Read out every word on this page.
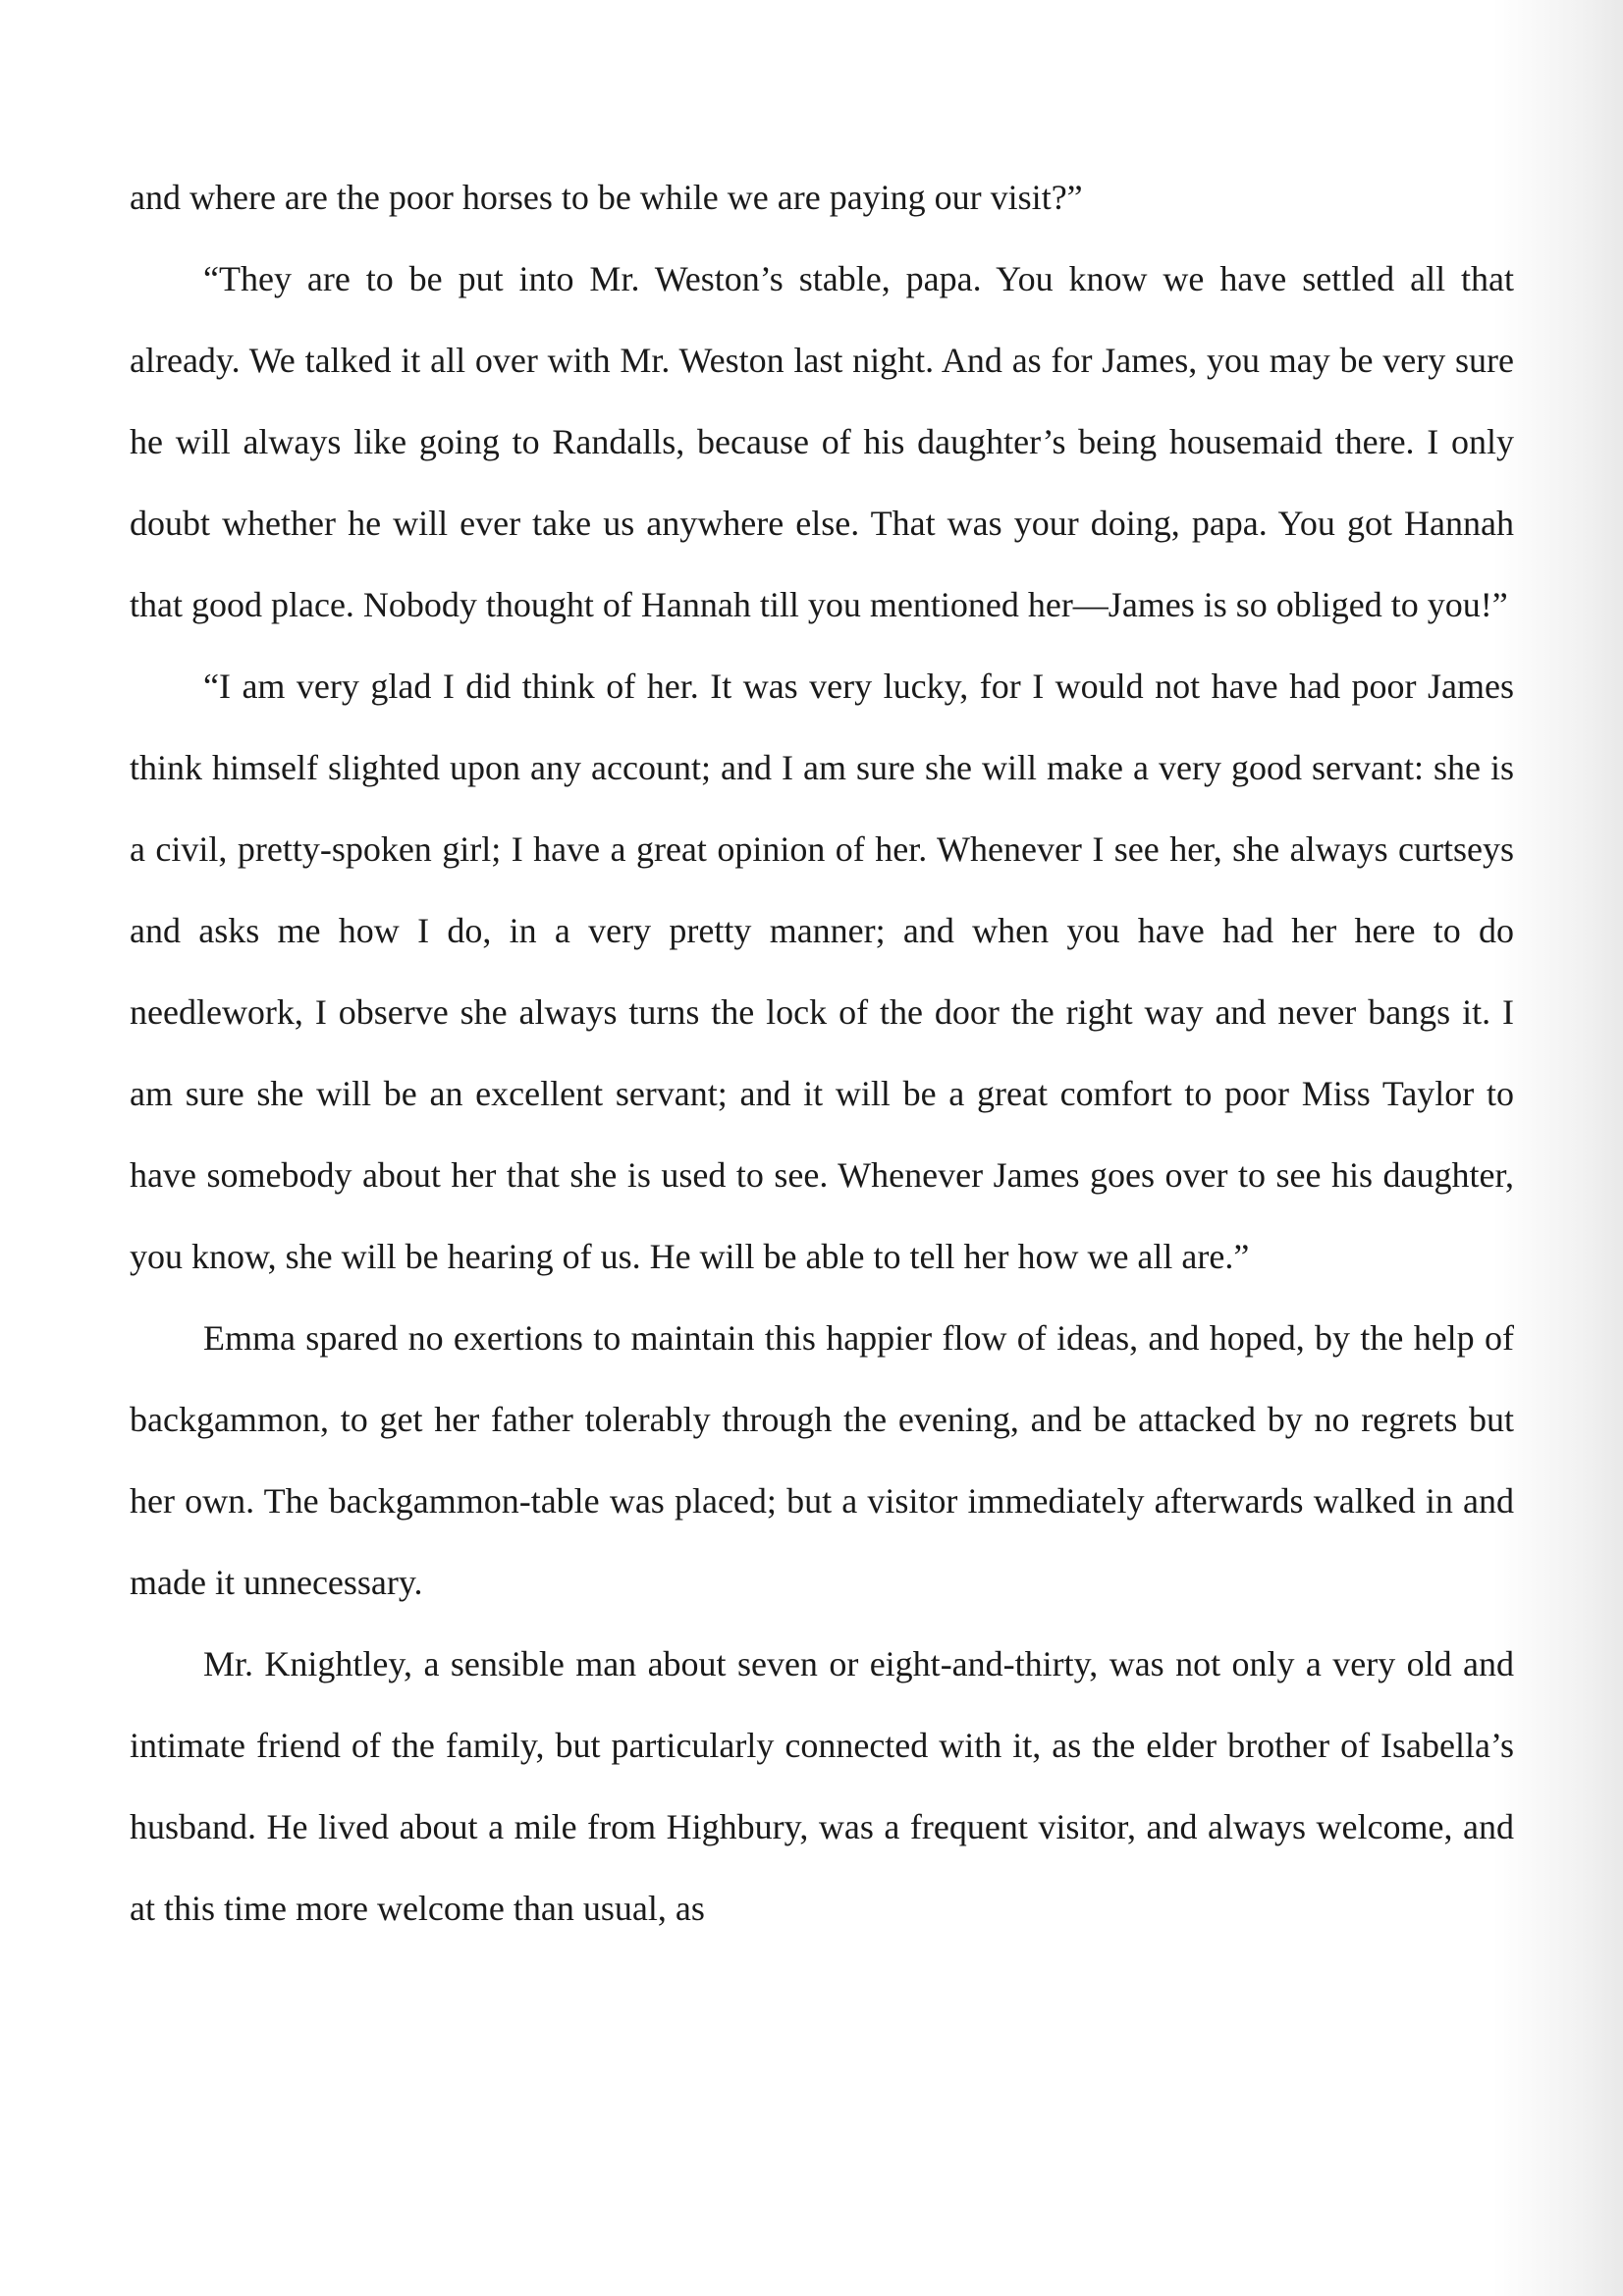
and where are the poor horses to be while we are paying our visit?”

“They are to be put into Mr. Weston’s stable, papa. You know we have settled all that already. We talked it all over with Mr. Weston last night. And as for James, you may be very sure he will always like going to Randalls, because of his daughter’s being housemaid there. I only doubt whether he will ever take us anywhere else. That was your doing, papa. You got Hannah that good place. Nobody thought of Hannah till you mentioned her—James is so obliged to you!”

“I am very glad I did think of her. It was very lucky, for I would not have had poor James think himself slighted upon any account; and I am sure she will make a very good servant: she is a civil, pretty-spoken girl; I have a great opinion of her. Whenever I see her, she always curtseys and asks me how I do, in a very pretty manner; and when you have had her here to do needlework, I observe she always turns the lock of the door the right way and never bangs it. I am sure she will be an excellent servant; and it will be a great comfort to poor Miss Taylor to have somebody about her that she is used to see. Whenever James goes over to see his daughter, you know, she will be hearing of us. He will be able to tell her how we all are.”

Emma spared no exertions to maintain this happier flow of ideas, and hoped, by the help of backgammon, to get her father tolerably through the evening, and be attacked by no regrets but her own. The backgammon-table was placed; but a visitor immediately afterwards walked in and made it unnecessary.

Mr. Knightley, a sensible man about seven or eight-and-thirty, was not only a very old and intimate friend of the family, but particularly connected with it, as the elder brother of Isabella’s husband. He lived about a mile from Highbury, was a frequent visitor, and always welcome, and at this time more welcome than usual, as
